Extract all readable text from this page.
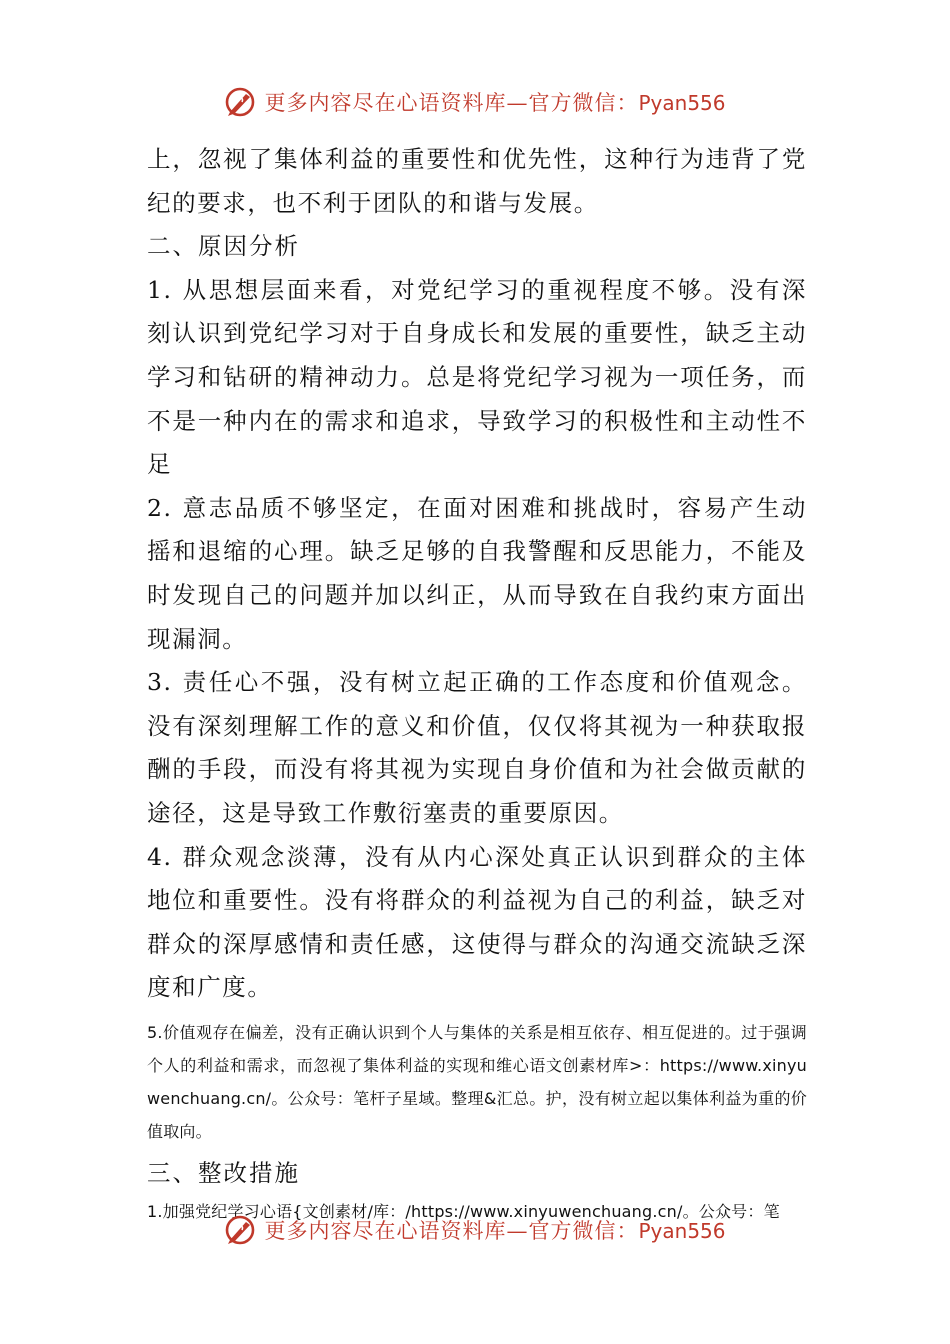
更多内容尽在心语资料库—官方微信：Pyan556

上，忽视了集体利益的重要性和优先性，这种行为违背了党纪的要求，也不利于团队的和谐与发展。

二、原因分析

1. 从思想层面来看，对党纪学习的重视程度不够。没有深刻认识到党纪学习对于自身成长和发展的重要性，缺乏主动学习和钻研的精神动力。总是将党纪学习视为一项任务，而不是一种内在的需求和追求，导致学习的积极性和主动性不足

2. 意志品质不够坚定，在面对困难和挑战时，容易产生动摇和退缩的心理。缺乏足够的自我警醒和反思能力，不能及时发现自己的问题并加以纠正，从而导致在自我约束方面出现漏洞。

3. 责任心不强，没有树立起正确的工作态度和价值观念。没有深刻理解工作的意义和价值，仅仅将其视为一种获取报酬的手段，而没有将其视为实现自身价值和为社会做贡献的途径，这是导致工作敷衍塞责的重要原因。

4. 群众观念淡薄，没有从内心深处真正认识到群众的主体地位和重要性。没有将群众的利益视为自己的利益，缺乏对群众的深厚感情和责任感，这使得与群众的沟通交流缺乏深度和广度。

5.价值观存在偏差，没有正确认识到个人与集体的关系是相互依存、相互促进的。过于强调个人的利益和需求，而忽视了集体利益的实现和维心语文创素材库>：https://www.xinyuwenchuang.cn/。公众号：笔杆子星域。整理&汇总。护，没有树立起以集体利益为重的价值取向。

三、整改措施

1.加强党纪学习心语{文创素材/库：/https://www.xinyuwenchuang.cn/。公众号：笔

更多内容尽在心语资料库—官方微信：Pyan556
